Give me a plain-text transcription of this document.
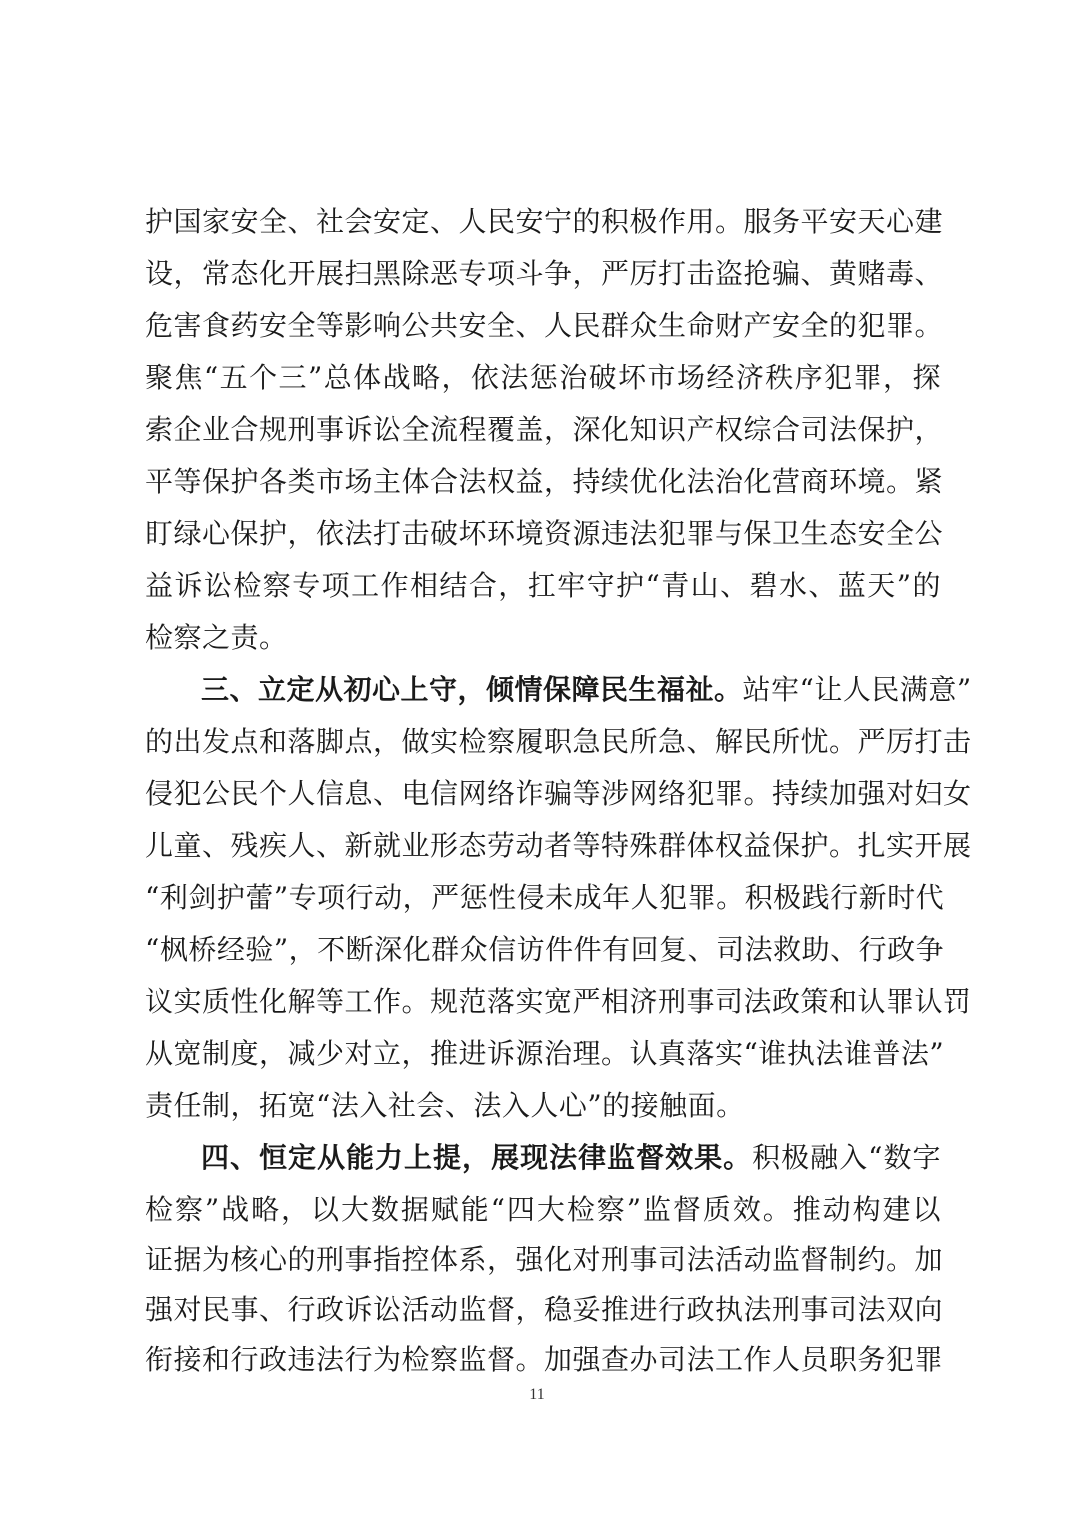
护国家安全、社会安定、人民安宁的积极作用。服务平安天心建
设，常态化开展扫黑除恶专项斗争，严厉打击盗抢骗、黄赌毒、
危害食药安全等影响公共安全、人民群众生命财产安全的犯罪。
聚焦“五个三”总体战略，依法惩治破坏市场经济秩序犯罪，探
索企业合规刑事诉讼全流程覆盖，深化知识产权综合司法保护，
平等保护各类市场主体合法权益，持续优化法治化营商环境。紧
盯绿心保护，依法打击破坏环境资源违法犯罪与保卫生态安全公
益诉讼检察专项工作相结合，扛牢守护“青山、碧水、蓝天”的
检察之责。
三、立定从初心上守，倾情保障民生福祉。站牢“让人民满意”
的出发点和落脚点，做实检察履职急民所急、解民所忧。严厉打击
侵犯公民个人信息、电信网络诈骗等涉网络犯罪。持续加强对妇女
儿童、残疾人、新就业形态劳动者等特殊群体权益保护。扎实开展
“利剑护蕾”专项行动，严惩性侵未成年人犯罪。积极践行新时代
“枫桥经验”，不断深化群众信访件件有回复、司法救助、行政争
议实质性化解等工作。规范落实宽严相济刑事司法政策和认罪认罚
从宽制度，减少对立，推进诉源治理。认真落实“谁执法谁普法”
责任制，拓宽“法入社会、法入人心”的接触面。
四、恒定从能力上提，展现法律监督效果。积极融入“数字
检察”战略，以大数据赋能“四大检察”监督质效。推动构建以
证据为核心的刑事指控体系，强化对刑事司法活动监督制约。加
强对民事、行政诉讼活动监督，稳妥推进行政执法刑事司法双向
11
衔接和行政违法行为检察监督。加强查办司法工作人员职务犯罪
